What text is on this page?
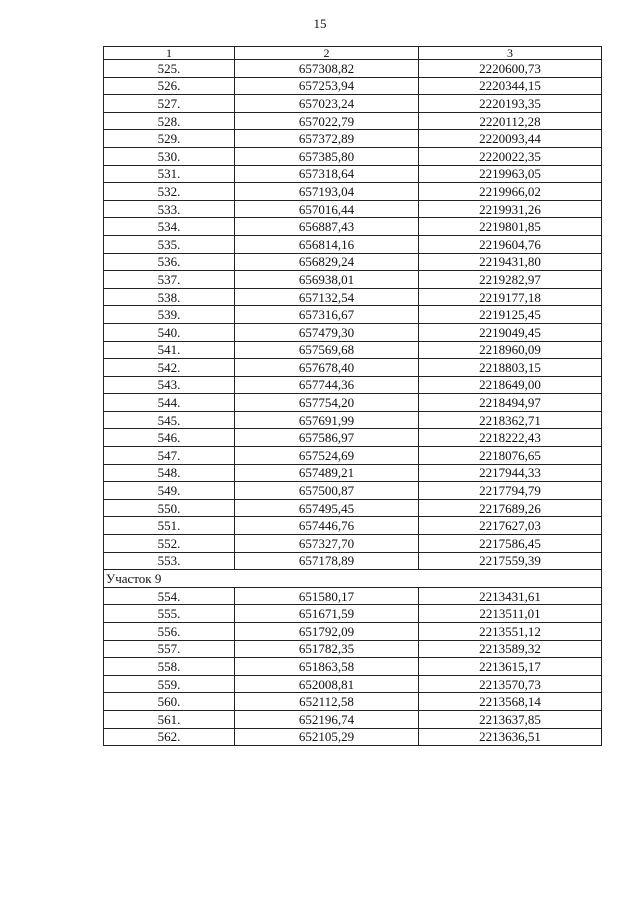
15
1	2	3
525.	657308,82	2220600,73
526.	657253,94	2220344,15
527.	657023,24	2220193,35
528.	657022,79	2220112,28
529.	657372,89	2220093,44
530.	657385,80	2220022,35
531.	657318,64	2219963,05
532.	657193,04	2219966,02
533.	657016,44	2219931,26
534.	656887,43	2219801,85
535.	656814,16	2219604,76
536.	656829,24	2219431,80
537.	656938,01	2219282,97
538.	657132,54	2219177,18
539.	657316,67	2219125,45
540.	657479,30	2219049,45
541.	657569,68	2218960,09
542.	657678,40	2218803,15
543.	657744,36	2218649,00
544.	657754,20	2218494,97
545.	657691,99	2218362,71
546.	657586,97	2218222,43
547.	657524,69	2218076,65
548.	657489,21	2217944,33
549.	657500,87	2217794,79
550.	657495,45	2217689,26
551.	657446,76	2217627,03
552.	657327,70	2217586,45
553.	657178,89	2217559,39
Участок 9		
554.	651580,17	2213431,61
555.	651671,59	2213511,01
556.	651792,09	2213551,12
557.	651782,35	2213589,32
558.	651863,58	2213615,17
559.	652008,81	2213570,73
560.	652112,58	2213568,14
561.	652196,74	2213637,85
562.	652105,29	2213636,51
